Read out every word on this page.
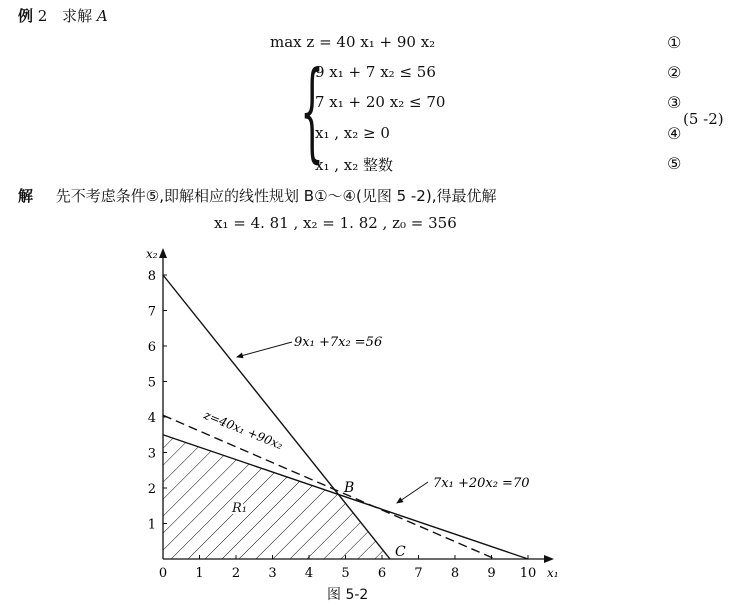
例 2 求解 A
max z = 40 x₁ + 90 x₂	①
{
9 x₁ + 7 x₂ ≤ 56	②
7 x₁ + 20 x₂ ≤ 70	③
x₁ , x₂ ≥ 0	④
x₁ , x₂ 整数	⑤
(5 -2)
解 先不考虑条件⑤,即解相应的线性规划 B①～④(见图 5 -2),得最优解
x₁ = 4. 81 , x₂ = 1. 82 , z₀ = 356
0 1 2 3 4 5 6 7 8 9 10
1
2
3
4
5
6
7
8
9x₁ +7x₂ =56
7x₁ +20x₂ =70
z=40x₁ +90x₂
B
C
R₁
x₂
x₁
图 5-2
